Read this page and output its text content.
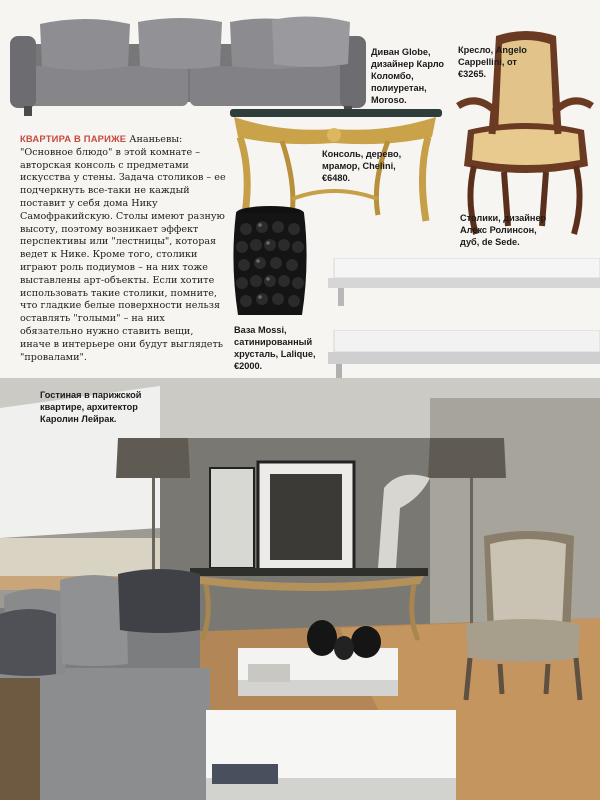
Диван Globe, дизайнер Карло Коломбо, полиуретан, Moroso.
Кресло, Angelo Cappellini, от €3265.
Консоль, дерево, мрамор, Chelini, €6480.
Столики, дизайнер Алекс Ролинсон, дуб, de Sede.
Ваза Mossi, сатинированный хрусталь, Lalique, €2000.
КВАРТИРА В ПАРИЖЕ Ананьевы: "Основное блюдо" в этой комнате – авторская консоль с предметами искусства у стены. Задача столиков – ее подчеркнуть все-таки не каждый поставит у себя дома Нику Самофракийскую. Столы имеют разную высоту, поэтому возникает эффект перспективы или "лестницы", которая ведет к Нике. Кроме того, столики играют роль подиумов – на них тоже выставлены арт-объекты. Если хотите использовать такие столики, помните, что гладкие белые поверхности нельзя оставлять "голыми" – на них обязательно нужно ставить вещи, иначе в интерьере они будут выглядеть "провалами".
Гостиная в парижской квартире, архитектор Каролин Лейрак.
